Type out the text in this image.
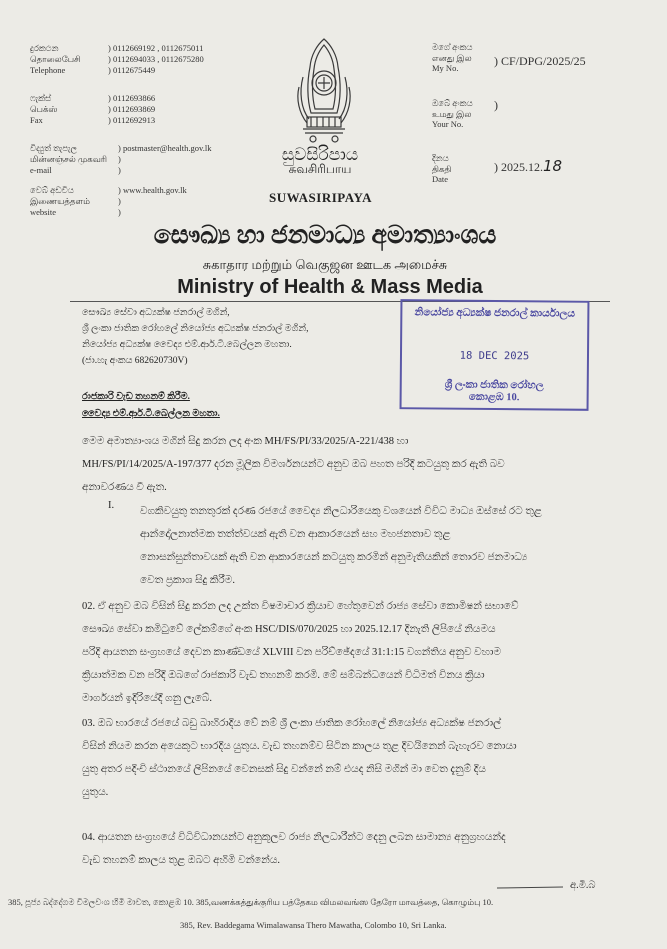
දුරකථන
தொலைபேசி
Telephone
) 0112669192 , 0112675011
) 0112694033 , 0112675280
) 0112675449
ෆැක්ස්
பெக்ஸ்
Fax
) 0112693866
) 0112693869
) 0112692913
විද්‍යුත් තැපැල
மின்னஞ்சல் முகவரி
e-mail
) postmaster@health.gov.lk
)
)
වෙබ් අඩවිය
இணையத்தளம்
website
) www.health.gov.lk
)
)
සුවසිරිපාය
சுவசிரிபாய
SUWASIRIPAYA
මගේ අංකය
எனது இல
My No.	) CF/DPG/2025/25
ඔබේ අංකය
உமது இல
Your No.
)
දිනය
திகதி
Date
) 2025.12.18
සෞඛ්‍ය හා ජනමාධ්‍ය අමාත්‍යාංශය
சுகாதார மற்றும் வெகுஜன ஊடக அமைச்சு
Ministry of Health & Mass Media
සෞඛ්‍ය සේවා අධ්‍යක්ෂ ජනරාල් මගින්,
ශ්‍රී ලංකා ජාතික රෝහලේ නියෝජ්‍ය අධ්‍යක්ෂ ජනරාල් මගින්,
නියෝජ්‍ය අධ්‍යක්ෂ වෛද්‍ය එම්.ආර්.ටී.බෙල්ලන මහතා.
(ජා.හැ අංකය 682620730V)
නියෝජ්‍ය අධ්‍යක්ෂ ජනරාල් කාර්යාලය
18 DEC 2025
ශ්‍රී ලංකා ජාතික රෝහල
කොළඹ 10.
රාජකාරි වැඩ තහනම් කිරීම.
වෛද්‍ය එම්.ආර්.ටී.බෙල්ලන මහතා.
මෙම අමාත්‍යාංශය මගින් සිදු කරන ලද අංක MH/FS/PI/33/2025/A-221/438 හා
MH/FS/PI/14/2025/A-197/377 දරන මූලික විමර්ශනයන්ට අනුව ඔබ පහත පරිදි කටයුතු කර ඇති බව
අනාවරණය වී ඇත.
I.
වගකිවයුතු තනතුරක් දරණ රජයේ වෛද්‍ය නිලධාරියෙකු වශයෙන් විවිධ මාධ්‍ය ඔස්සේ රට තුළ
ආන්දෝලනාත්මක තත්ත්වයක් ඇති වන ආකාරයෙන් සහ මහජනතාව තුළ
නොසන්සුන්තාවයක් ඇති වන ආකාරයෙන් කටයුතු කරමින් අනුමැතියකින් තොරව ජනමාධ්‍ය
වෙත ප්‍රකාශ සිදු කිරීම.
02. ඒ අනුව ඔබ විසින් සිදු කරන ලද උක්ත විෂමාචාර ක්‍රියාව හේතුවෙන් රාජ්‍ය සේවා කොමිෂන් සභාවේ
සෞඛ්‍ය සේවා කමිටුවේ ලේකම්ගේ අංක HSC/DIS/070/2025 හා 2025.12.17 දිනැති ලිපියේ නියමය
පරිදි ආයතන සංග්‍රහයේ දෙවන කාණ්ඩයේ XLVIII වන පරිච්ඡේදයේ 31:1:15 වගන්තිය අනුව වහාම
ක්‍රියාත්මක වන පරිදි ඔබගේ රාජකාරි වැඩ තහනම් කරමි. මේ සම්බන්ධයෙන් විධිමත් විනය ක්‍රියා
මාර්ගයන් ඉදිරියේදී ගනු ලැබේ.
03. ඔබ භාරයේ රජයේ බඩු බාහිරාදිය වේ නම් ශ්‍රී ලංකා ජාතික රෝහලේ නියෝජ්‍ය අධ්‍යක්ෂ ජනරාල්
විසින් නියම කරන අයෙකුට භාරදිය යුතුය. වැඩ තහනම්ව සිටින කාලය තුළ දිවයිනෙන් බැහැරව නොයා
යුතු අතර පදිංචි ස්ථානයේ ලිපිනයේ වෙනසක් සිදු වන්නේ නම් එයද නිසි මගින් මා වෙත දැනුම් දිය
යුතුය.
04. ආයතන සංග්‍රහයේ විධිවිධානයන්ට අනුකූලව රාජ්‍ය නිලධාරීන්ට දෙනු ලබන සාමාන්‍ය අනුග්‍රහයන්ද
වැඩ තහනම් කාලය තුළ ඔබට අහිමි වන්නේය.
අ.මි.බ
385, පූජ්‍ය බද්දේගම විමලවංශ හිමි මාවත, කොළඹ 10. 385,வணக்கத்துக்குரிய பத்தேகம விமலவங்ஸ தேரோ மாவத்தை, கொழும்பு 10.
385, Rev. Baddegama Wimalawansa Thero Mawatha, Colombo 10, Sri Lanka.
